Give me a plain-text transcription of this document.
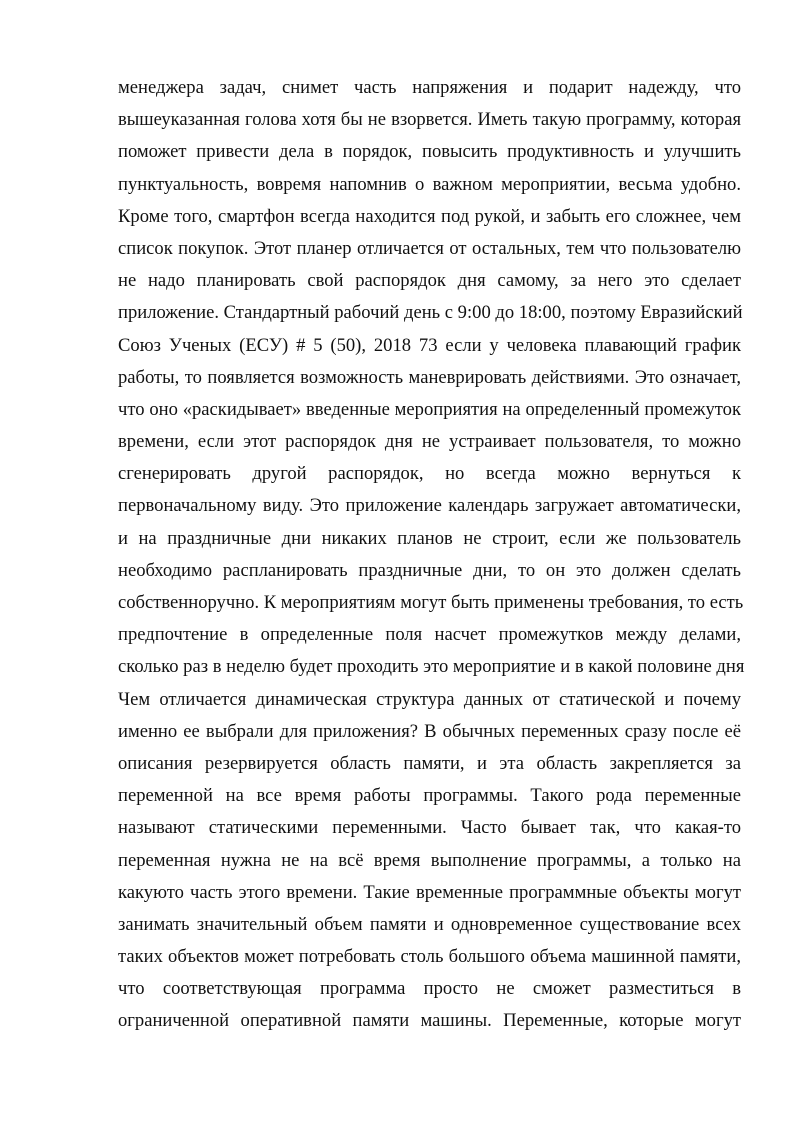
менеджера задач, снимет часть напряжения и подарит надежду, что
вышеуказанная голова хотя бы не взорвется. Иметь такую программу, которая
поможет привести дела в порядок, повысить продуктивность и улучшить
пунктуальность, вовремя напомнив о важном мероприятии, весьма удобно.
Кроме того, смартфон всегда находится под рукой, и забыть его сложнее, чем
список покупок. Этот планер отличается от остальных, тем что пользователю
не надо планировать свой распорядок дня самому, за него это сделает
приложение. Стандартный рабочий день с 9:00 до 18:00, поэтому Евразийский
Союз Ученых (ЕСУ) # 5 (50), 2018 73 если у человека плавающий график
работы, то появляется возможность маневрировать действиями. Это означает,
что оно «раскидывает» введенные мероприятия на определенный промежуток
времени, если этот распорядок дня не устраивает пользователя, то можно
сгенерировать другой распорядок, но всегда можно вернуться к
первоначальному виду. Это приложение календарь загружает автоматически,
и на праздничные дни никаких планов не строит, если же пользователь
необходимо распланировать праздничные дни, то он это должен сделать
собственноручно. К мероприятиям могут быть применены требования, то есть
предпочтение в определенные поля насчет промежутков между делами,
сколько раз в неделю будет проходить это мероприятие и в какой половине дня
Чем отличается динамическая структура данных от статической и почему
именно ее выбрали для приложения? В обычных переменных сразу после её
описания резервируется область памяти, и эта область закрепляется за
переменной на все время работы программы. Такого рода переменные
называют статическими переменными. Часто бывает так, что какая-то
переменная нужна не на всё время выполнение программы, а только на
какуюто часть этого времени. Такие временные программные объекты могут
занимать значительный объем памяти и одновременное существование всех
таких объектов может потребовать столь большого объема машинной памяти,
что соответствующая программа просто не сможет разместиться в
ограниченной оперативной памяти машины. Переменные, которые могут
